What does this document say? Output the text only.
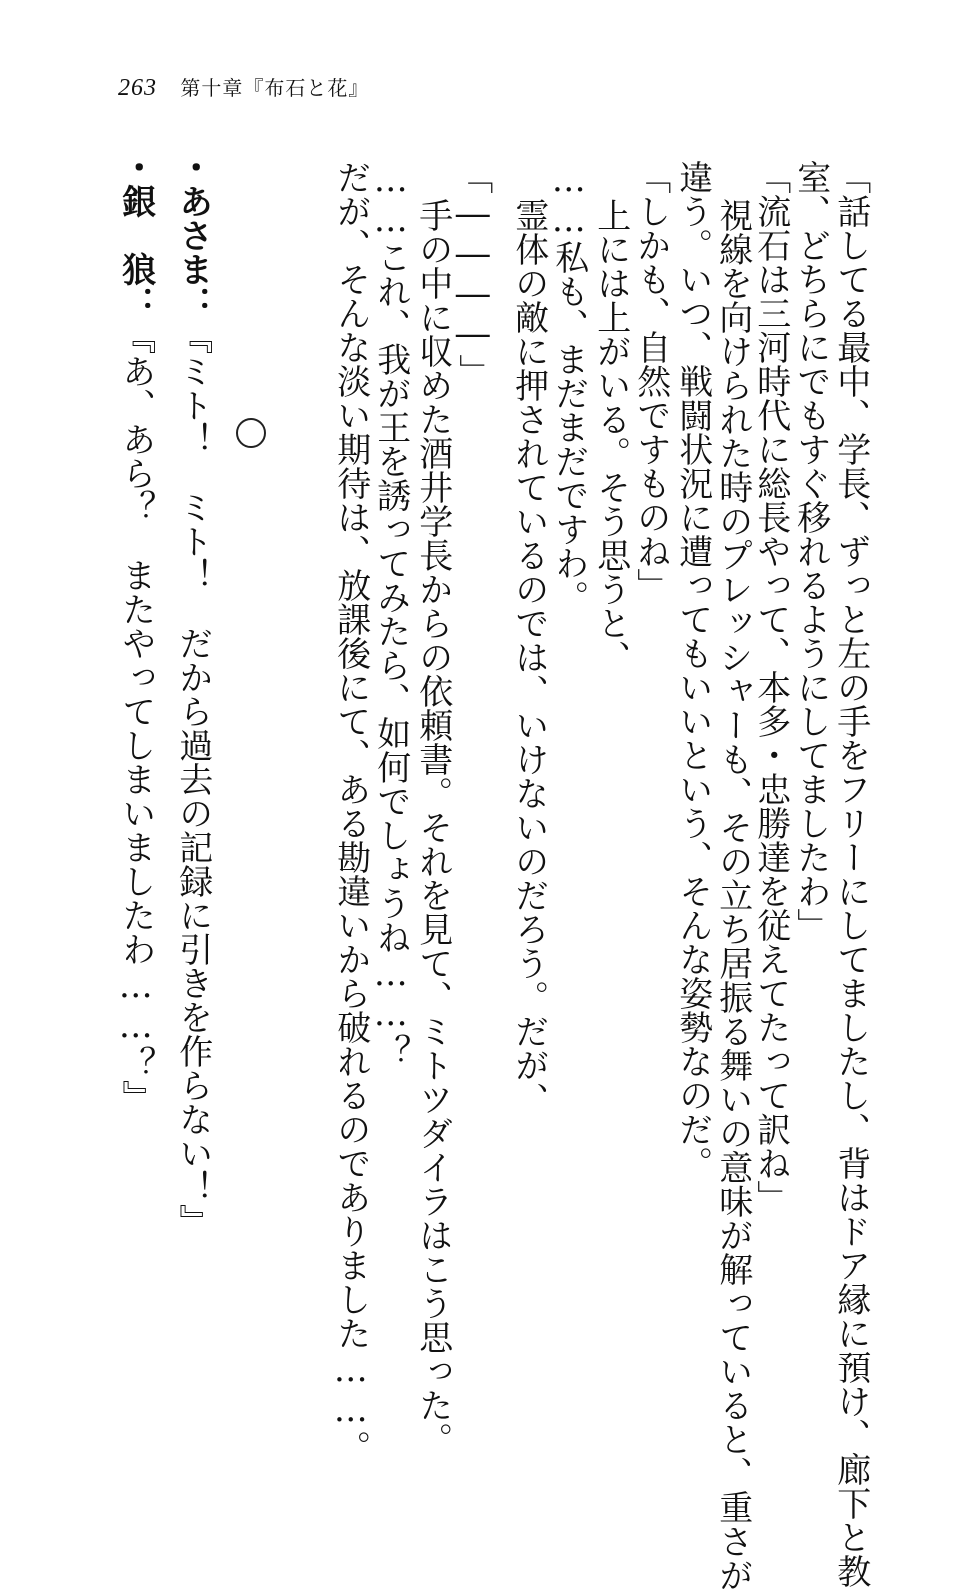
263 第十章『布石と花』
「話してる最中、学長、ずっと左の手をフリーにしてましたし、背はドア縁に預け、廊下と教
室、どちらにでもすぐ移れるようにしてましたわ」
「流石は三河時代に総長やって、本多・忠勝達を従えてたって訳ね」
視線を向けられた時のプレッシャーも、その立ち居振る舞いの意味が解っていると、重さが
違う。いつ、戦闘状況に遭ってもいいという、そんな姿勢なのだ。
「しかも、自然ですものね」
上には上がいる。そう思うと、
……私も、まだまだですわ。
霊体の敵に押されているのでは、いけないのだろう。だが、
「――――」
手の中に収めた酒井学長からの依頼書。それを見て、ミトツダイラはこう思った。
……これ、我が王を誘ってみたら、如何でしょうね……？
だが、そんな淡い期待は、放課後にて、ある勘違いから破れるのでありました……。
・あさま：『ミト！　ミト！　だから過去の記録に引きを作らない！』
・銀　狼：『あ、あら？　またやってしまいましたわ……？』
